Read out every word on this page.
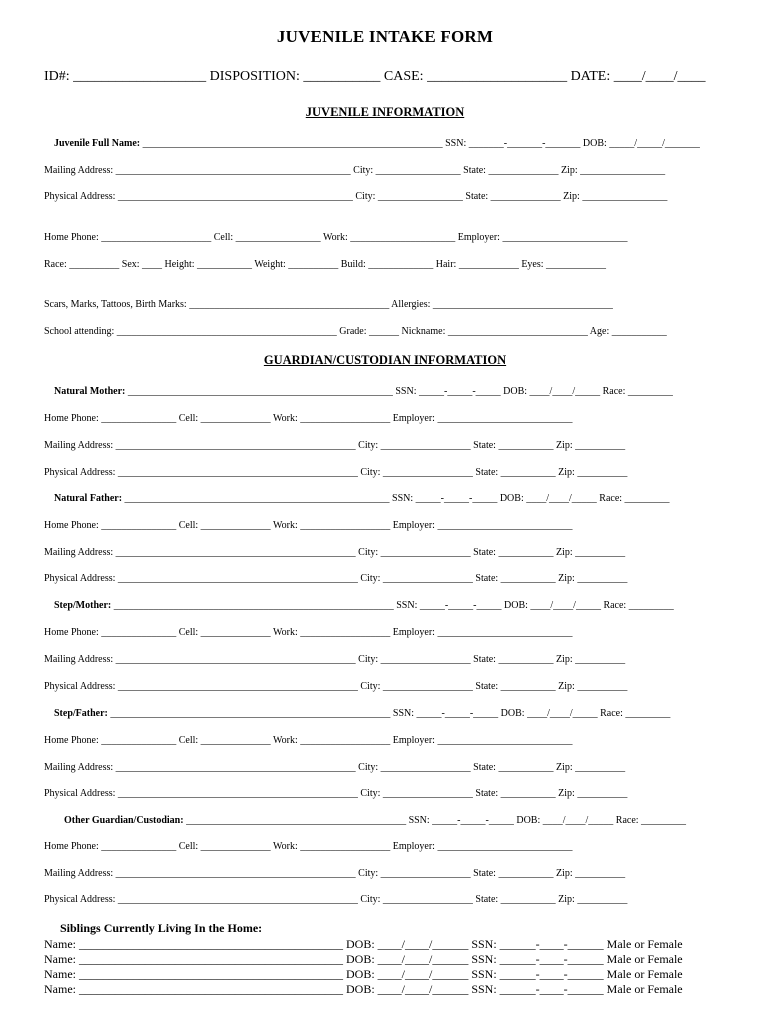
JUVENILE INTAKE FORM
ID#: ___________________ DISPOSITION: ___________ CASE: ____________________ DATE: ____/____/____
JUVENILE INFORMATION
Juvenile Full Name: ____________________________________________________________ SSN: _______-_______-_______ DOB: _____/_____/_______
Mailing Address: _______________________________________________ City: _________________ State: ______________ Zip: _________________
Physical Address: _______________________________________________ City: _________________ State: ______________ Zip: _________________
Home Phone: ______________________ Cell: _________________ Work: _____________________ Employer: _________________________
Race: __________ Sex: ____ Height: ___________ Weight: __________ Build: _____________ Hair: ____________ Eyes: ____________
Scars, Marks, Tattoos, Birth Marks: ________________________________________ Allergies: ____________________________________
School attending: ____________________________________________ Grade: ______ Nickname: ____________________________ Age: ___________
GUARDIAN/CUSTODIAN INFORMATION
Natural Mother: _____________________________________________________ SSN: _____-_____-_____ DOB: ____/____/_____ Race: _________
Home Phone: _______________ Cell: ______________ Work: __________________ Employer: ___________________________
Mailing Address: ________________________________________________ City: __________________ State: ___________ Zip: __________
Physical Address: ________________________________________________ City: __________________ State: ___________ Zip: __________
Natural Father: _____________________________________________________ SSN: _____-_____-_____ DOB: ____/____/_____ Race: _________
Home Phone: _______________ Cell: ______________ Work: __________________ Employer: ___________________________
Mailing Address: ________________________________________________ City: __________________ State: ___________ Zip: __________
Physical Address: ________________________________________________ City: __________________ State: ___________ Zip: __________
Step/Mother: ________________________________________________________ SSN: _____-_____-_____ DOB: ____/____/_____ Race: _________
Home Phone: _______________ Cell: ______________ Work: __________________ Employer: ___________________________
Mailing Address: ________________________________________________ City: __________________ State: ___________ Zip: __________
Physical Address: ________________________________________________ City: __________________ State: ___________ Zip: __________
Step/Father: ________________________________________________________ SSN: _____-_____-_____ DOB: ____/____/_____ Race: _________
Home Phone: _______________ Cell: ______________ Work: __________________ Employer: ___________________________
Mailing Address: ________________________________________________ City: __________________ State: ___________ Zip: __________
Physical Address: ________________________________________________ City: __________________ State: ___________ Zip: __________
Other Guardian/Custodian: ____________________________________________ SSN: _____-_____-_____ DOB: ____/____/_____ Race: _________
Home Phone: _______________ Cell: ______________ Work: __________________ Employer: ___________________________
Mailing Address: ________________________________________________ City: __________________ State: ___________ Zip: __________
Physical Address: ________________________________________________ City: __________________ State: ___________ Zip: __________
Siblings Currently Living In the Home:
Name: ____________________________________________ DOB: ____/____/______ SSN: ______-____-______ Male or Female
Name: ____________________________________________ DOB: ____/____/______ SSN: ______-____-______ Male or Female
Name: ____________________________________________ DOB: ____/____/______ SSN: ______-____-______ Male or Female
Name: ____________________________________________ DOB: ____/____/______ SSN: ______-____-______ Male or Female
